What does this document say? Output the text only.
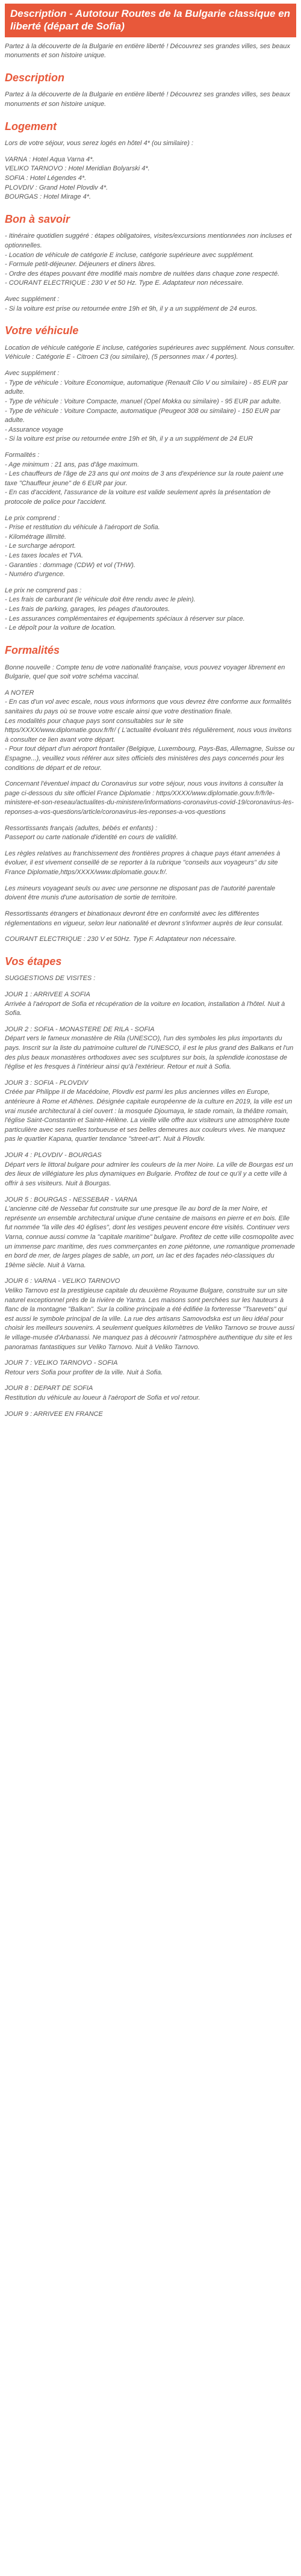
Description - Autotour Routes de la Bulgarie classique en liberté (départ de Sofia)
Partez à la découverte de la Bulgarie en entière liberté ! Découvrez ses grandes villes, ses beaux monuments et son histoire unique.
Description
Partez à la découverte de la Bulgarie en entière liberté ! Découvrez ses grandes villes, ses beaux monuments et son histoire unique.
Logement
Lors de votre séjour, vous serez logés en hôtel 4* (ou similaire) :
VARNA : Hotel Aqua Varna 4*.
VELIKO TARNOVO : Hotel Meridian Bolyarski 4*.
SOFIA : Hotel Légendes 4*.
PLOVDIV : Grand Hotel Plovdiv 4*.
BOURGAS : Hotel Mirage 4*.
Bon à savoir
- Itinéraire quotidien suggéré : étapes obligatoires, visites/excursions mentionnées non incluses et optionnelles.
- Location de véhicule de catégorie E incluse, catégorie supérieure avec supplément.
- Formule petit-déjeuner. Déjeuners et diners libres.
- Ordre des étapes pouvant être modifié mais nombre de nuitées dans chaque zone respecté.
- COURANT ELECTRIQUE : 230 V et 50 Hz. Type E. Adaptateur non nécessaire.
Avec supplément :
- Si la voiture est prise ou retournée entre 19h et 9h, il y a un supplément de 24 euros.
Votre véhicule
Location de véhicule catégorie E incluse, catégories supérieures avec supplément. Nous consulter.
Véhicule : Catégorie E - Citroen C3 (ou similaire), (5 personnes max / 4 portes).
Avec supplément :
- Type de véhicule : Voiture Economique, automatique (Renault Clio V ou similaire) - 85 EUR par adulte.
- Type de véhicule : Voiture Compacte, manuel (Opel Mokka ou similaire) - 95 EUR par adulte.
- Type de véhicule : Voiture Compacte, automatique (Peugeot 308 ou similaire) - 150 EUR par adulte.
- Assurance voyage
- Si la voiture est prise ou retournée entre 19h et 9h, il y a un supplément de 24 EUR
Formalités :
- Age minimum : 21 ans, pas d'âge maximum.
- Les chauffeurs de l'âge de 23 ans qui ont moins de 3 ans d'expérience sur la route paient une taxe "Chauffeur jeune" de 6 EUR par jour.
- En cas d'accident, l'assurance de la voiture est valide seulement après la présentation de protocole de police pour l'accident.
Le prix comprend :
- Prise et restitution du véhicule à l'aéroport de Sofia.
- Kilométrage illimité.
- Le surcharge aéroport.
- Les taxes locales et TVA.
- Garanties : dommage (CDW) et vol (THW).
- Numéro d'urgence.
Le prix ne comprend pas :
- Les frais de carburant (le véhicule doit être rendu avec le plein).
- Les frais de parking, garages, les péages d'autoroutes.
- Les assurances complémentaires et équipements spéciaux à réserver sur place.
- Le dépoît pour la voiture de location.
Formalités
Bonne nouvelle : Compte tenu de votre nationalité française, vous pouvez voyager librement en Bulgarie, quel que soit votre schéma vaccinal.
A NOTER
- En cas d'un vol avec escale, nous vous informons que vous devrez être conforme aux formalités sanitaires du pays où se trouve votre escale ainsi que votre destination finale.
Les modalités pour chaque pays sont consultables sur le site https/XXXX/www.diplomatie.gouv.fr/fr/ ( L'actualité évoluant très régulièrement, nous vous invitons à consulter ce lien avant votre départ.
- Pour tout départ d'un aéroport frontalier (Belgique, Luxembourg, Pays-Bas, Allemagne, Suisse ou Espagne...), veuillez vous référer aux sites officiels des ministères des pays concernés pour les conditions de départ et de retour.
Concernant l'éventuel impact du Coronavirus sur votre séjour, nous vous invitons à consulter la page ci-dessous du site officiel France Diplomatie : https/XXXX/www.diplomatie.gouv.fr/fr/le-ministere-et-son-reseau/actualites-du-ministere/informations-coronavirus-covid-19/coronavirus-les-reponses-a-vos-questions/article/coronavirus-les-reponses-a-vos-questions
Ressortissants français (adultes, bébés et enfants) :
Passeport ou carte nationale d'identité en cours de validité.
Les règles relatives au franchissement des frontières propres à chaque pays étant amenées à évoluer, il est vivement conseillé de se reporter à la rubrique "conseils aux voyageurs" du site France Diplomatie,https/XXXX/www.diplomatie.gouv.fr/.
Les mineurs voyageant seuls ou avec une personne ne disposant pas de l'autorité parentale doivent être munis d'une autorisation de sortie de territoire.
Ressortissants étrangers et binationaux devront être en conformité avec les différentes réglementations en vigueur, selon leur nationalité et devront s'informer auprès de leur consulat.
COURANT ELECTRIQUE : 230 V et 50Hz. Type F. Adaptateur non nécessaire.
Vos étapes
SUGGESTIONS DE VISITES :
JOUR 1 : ARRIVEE A SOFIA
Arrivée à l'aéroport de Sofia et récupération de la voiture en location, installation à l'hôtel. Nuit à Sofia.
JOUR 2 : SOFIA - MONASTERE DE RILA - SOFIA
Départ vers le fameux monastère de Rila (UNESCO), l'un des symboles les plus importants du pays. Inscrit sur la liste du patrimoine culturel de l'UNESCO, il est le plus grand des Balkans et l'un des plus beaux monastères orthodoxes avec ses sculptures sur bois, la splendide iconostase de l'église et les fresques à l'intérieur ainsi qu'à l'extérieur. Retour et nuit à Sofia.
JOUR 3 : SOFIA - PLOVDIV
Créée par Philippe II de Macédoine, Plovdiv est parmi les plus anciennes villes en Europe, antérieure à Rome et Athènes. Désignée capitale européenne de la culture en 2019, la ville est un vrai musée architectural à ciel ouvert : la mosquée Djoumaya, le stade romain, la théâtre romain, l'église Saint-Constantin et Sainte-Hélène. La vieille ville offre aux visiteurs une atmosphère toute particulière avec ses ruelles torbueuse et ses belles demeures aux couleurs vives. Ne manquez pas le quartier Kapana, quartier tendance "street-art". Nuit à Plovdiv.
JOUR 4 : PLOVDIV - BOURGAS
Départ vers le littoral bulgare pour admirer les couleurs de la mer Noire. La ville de Bourgas est un des lieux de villégiature les plus dynamiques en Bulgarie. Profitez de tout ce qu'il y a cette ville à offrir à ses visiteurs. Nuit à Bourgas.
JOUR 5 : BOURGAS - NESSEBAR - VARNA
L'ancienne cité de Nessebar fut construite sur une presque île au bord de la mer Noire, et représente un ensemble architectural unique d'une centaine de maisons en pierre et en bois. Elle fut nommée "la ville des 40 églises", dont les vestiges peuvent encore être visités. Continuer vers Varna, connue aussi comme la "capitale maritime" bulgare. Profitez de cette ville cosmopolite avec un immense parc maritime, des rues commerçantes en zone piétonne, une romantique promenade en bord de mer, de larges plages de sable, un port, un lac et des façades néo-classiques du 19ème siècle. Nuit à Varna.
JOUR 6 : VARNA - VELIKO TARNOVO
Veliko Tarnovo est la prestigieuse capitale du deuxième Royaume Bulgare, construite sur un site naturel exceptionnel près de la rivière de Yantra. Les maisons sont perchées sur les hauteurs à flanc de la montagne "Balkan". Sur la colline principale a été édifiée la forteresse "Tsarevets" qui est aussi le symbole principal de la ville. La rue des artisans Samovodska est un lieu idéal pour choisir les meilleurs souvenirs. A seulement quelques kilomètres de Veliko Tarnovo se trouve aussi le village-musée d'Arbanassi. Ne manquez pas à découvrir l'atmosphère authentique du site et les panoramas fantastiques sur Veliko Tarnovo. Nuit à Veliko Tarnovo.
JOUR 7 : VELIKO TARNOVO - SOFIA
Retour vers Sofia pour profiter de la ville. Nuit à Sofia.
JOUR 8 : DEPART DE SOFIA
Restitution du véhicule au loueur à l'aéroport de Sofia et vol retour.
JOUR 9 : ARRIVEE EN FRANCE
